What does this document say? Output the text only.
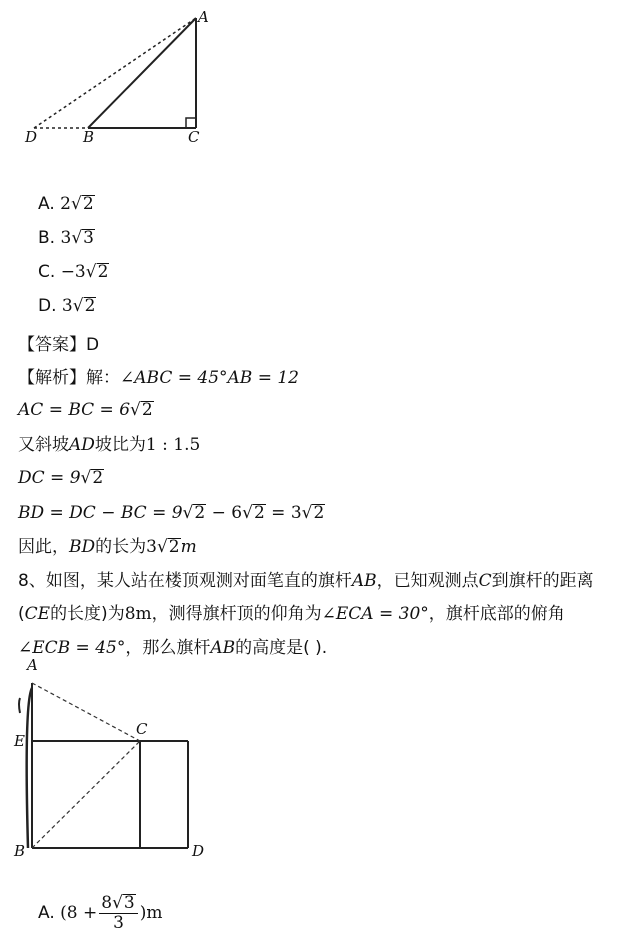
A
D	B	C
A. 2√2
B. 3√3
C. −3√2
D. 3√2
【答案】D
【解析】解：∠ABC = 45°AB = 12
AC = BC = 6√2
又斜坡AD坡比为1 : 1.5
DC = 9√2
BD = DC − BC = 9√2 − 6√2 = 3√2
因此，BD的长为3√2m
8、如图，某人站在楼顶观测对面笔直的旗杆AB，已知观测点C到旗杆的距离
(CE的长度)为8m，测得旗杆顶的仰角为∠ECA = 30°，旗杆底部的俯角
∠ECB = 45°，那么旗杆AB的高度是( ).
A
E
C
B	D
A.
$(8 + \frac{8√3}{3} )m$
